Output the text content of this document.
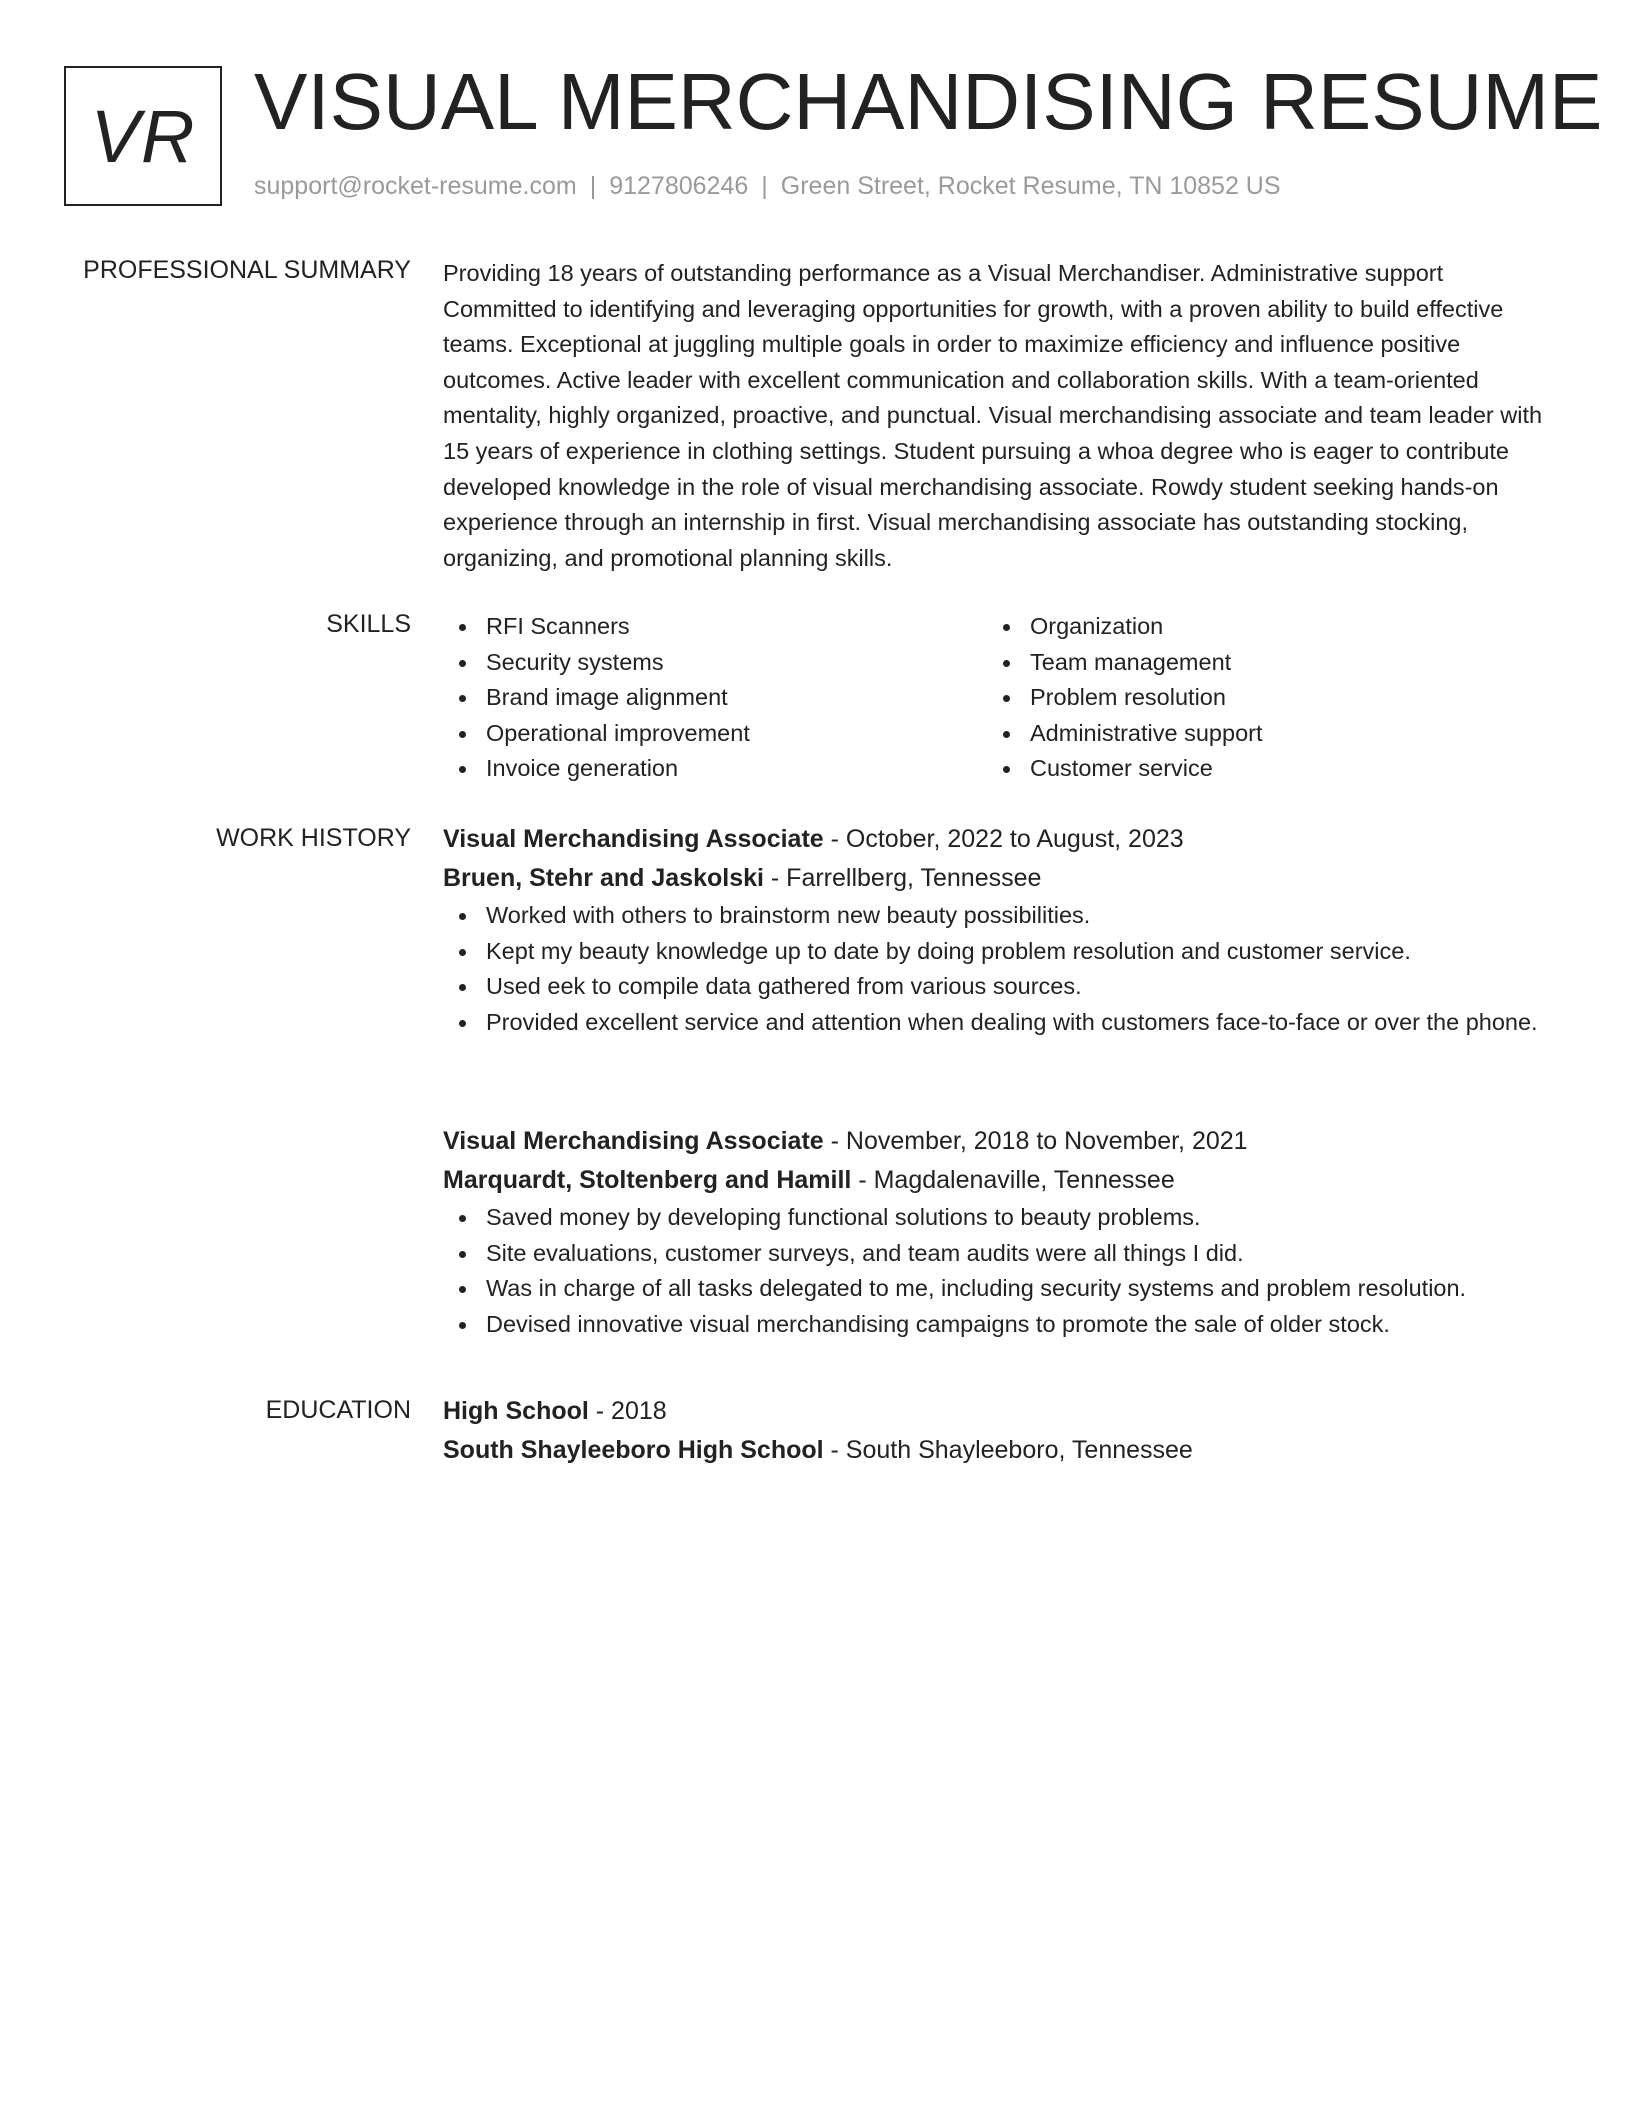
VR VISUAL MERCHANDISING RESUME
support@rocket-resume.com | 9127806246 | Green Street, Rocket Resume, TN 10852 US
PROFESSIONAL SUMMARY Providing 18 years of outstanding performance as a Visual Merchandiser. Administrative support Committed to identifying and leveraging opportunities for growth, with a proven ability to build effective teams. Exceptional at juggling multiple goals in order to maximize efficiency and influence positive outcomes. Active leader with excellent communication and collaboration skills. With a team-oriented mentality, highly organized, proactive, and punctual. Visual merchandising associate and team leader with 15 years of experience in clothing settings. Student pursuing a whoa degree who is eager to contribute developed knowledge in the role of visual merchandising associate. Rowdy student seeking hands-on experience through an internship in first. Visual merchandising associate has outstanding stocking, organizing, and promotional planning skills.

SKILLS	RFI Scanners
Security systems
Brand image alignment
Operational improvement
Invoice generation
Organization
Team management
Problem resolution
Administrative support
Customer service
WORK HISTORY Visual Merchandising Associate - October, 2022 to August, 2023
Bruen, Stehr and Jaskolski - Farrellberg, Tennessee
Worked with others to brainstorm new beauty possibilities.
Kept my beauty knowledge up to date by doing problem resolution and customer service.
Used eek to compile data gathered from various sources.
Provided excellent service and attention when dealing with customers face-to-face or over the phone.
Visual Merchandising Associate - November, 2018 to November, 2021
Marquardt, Stoltenberg and Hamill - Magdalenaville, Tennessee
Saved money by developing functional solutions to beauty problems.
Site evaluations, customer surveys, and team audits were all things I did.
Was in charge of all tasks delegated to me, including security systems and problem resolution.
Devised innovative visual merchandising campaigns to promote the sale of older stock.
EDUCATION High School - 2018
South Shayleeboro High School - South Shayleeboro, Tennessee
